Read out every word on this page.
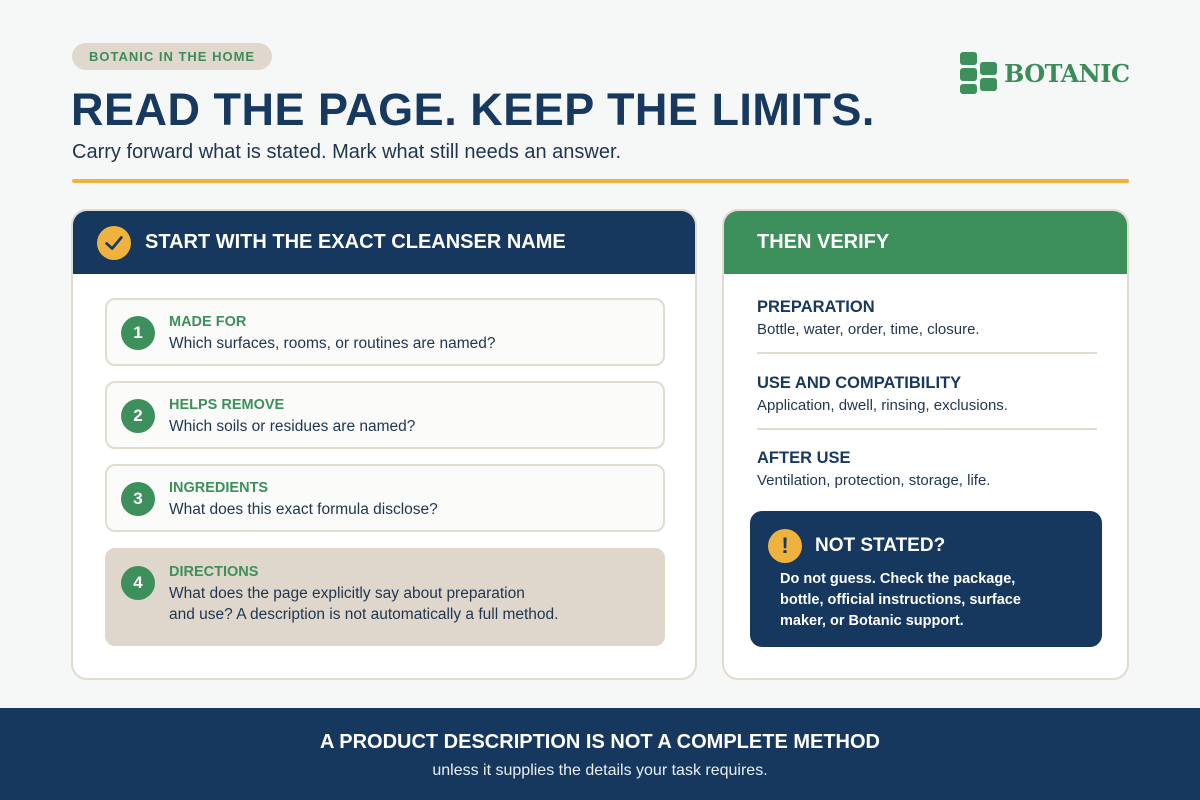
BOTANIC IN THE HOME
BOTANIC
READ THE PAGE. KEEP THE LIMITS.
Carry forward what is stated. Mark what still needs an answer.
START WITH THE EXACT CLEANSER NAME
1
MADE FOR
Which surfaces, rooms, or routines are named?
2
HELPS REMOVE
Which soils or residues are named?
3
INGREDIENTS
What does this exact formula disclose?
4
DIRECTIONS
What does the page explicitly say about preparation
and use? A description is not automatically a full method.
THEN VERIFY
PREPARATION
Bottle, water, order, time, closure.
USE AND COMPATIBILITY
Application, dwell, rinsing, exclusions.
AFTER USE
Ventilation, protection, storage, life.
!	NOT STATED?
Do not guess. Check the package,
bottle, official instructions, surface
maker, or Botanic support.
A PRODUCT DESCRIPTION IS NOT A COMPLETE METHOD
unless it supplies the details your task requires.
